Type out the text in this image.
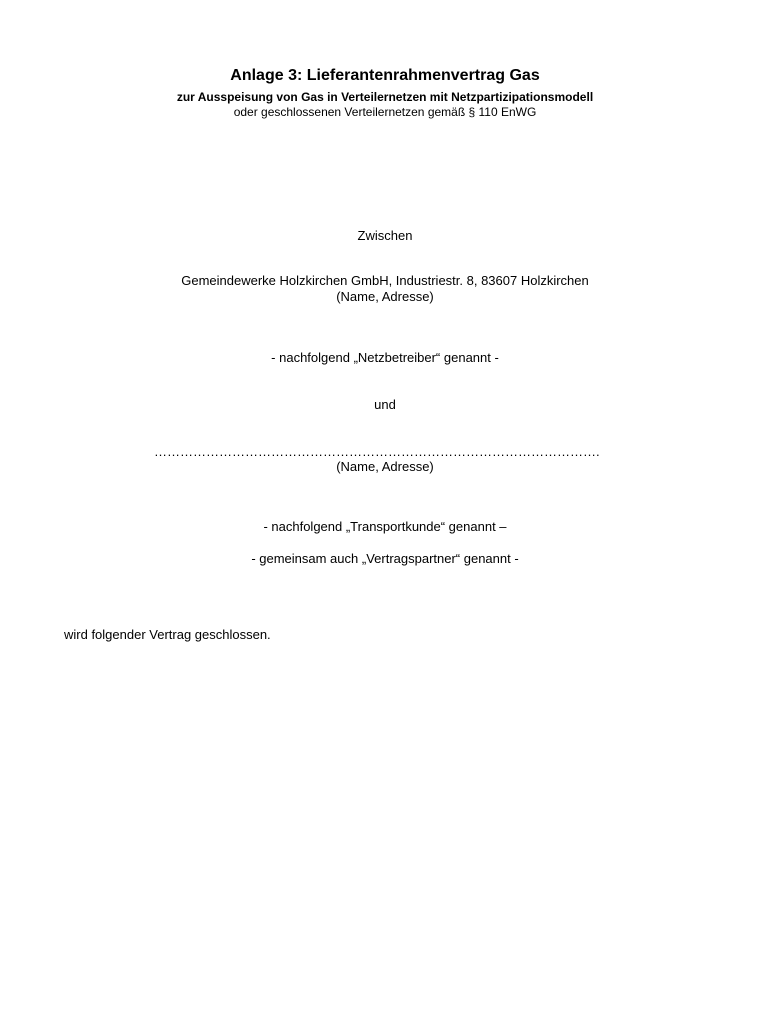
Anlage 3: Lieferantenrahmenvertrag Gas
zur Ausspeisung von Gas in Verteilernetzen mit Netzpartizipationsmodell
oder geschlossenen Verteilernetzen gemäß § 110 EnWG
Zwischen
Gemeindewerke Holzkirchen GmbH, Industriestr. 8, 83607 Holzkirchen
(Name, Adresse)
- nachfolgend „Netzbetreiber“ genannt -
und
………………………………………………………………………………………….
(Name, Adresse)
- nachfolgend „Transportkunde“ genannt –
- gemeinsam auch „Vertragspartner“ genannt -
wird folgender Vertrag geschlossen.
